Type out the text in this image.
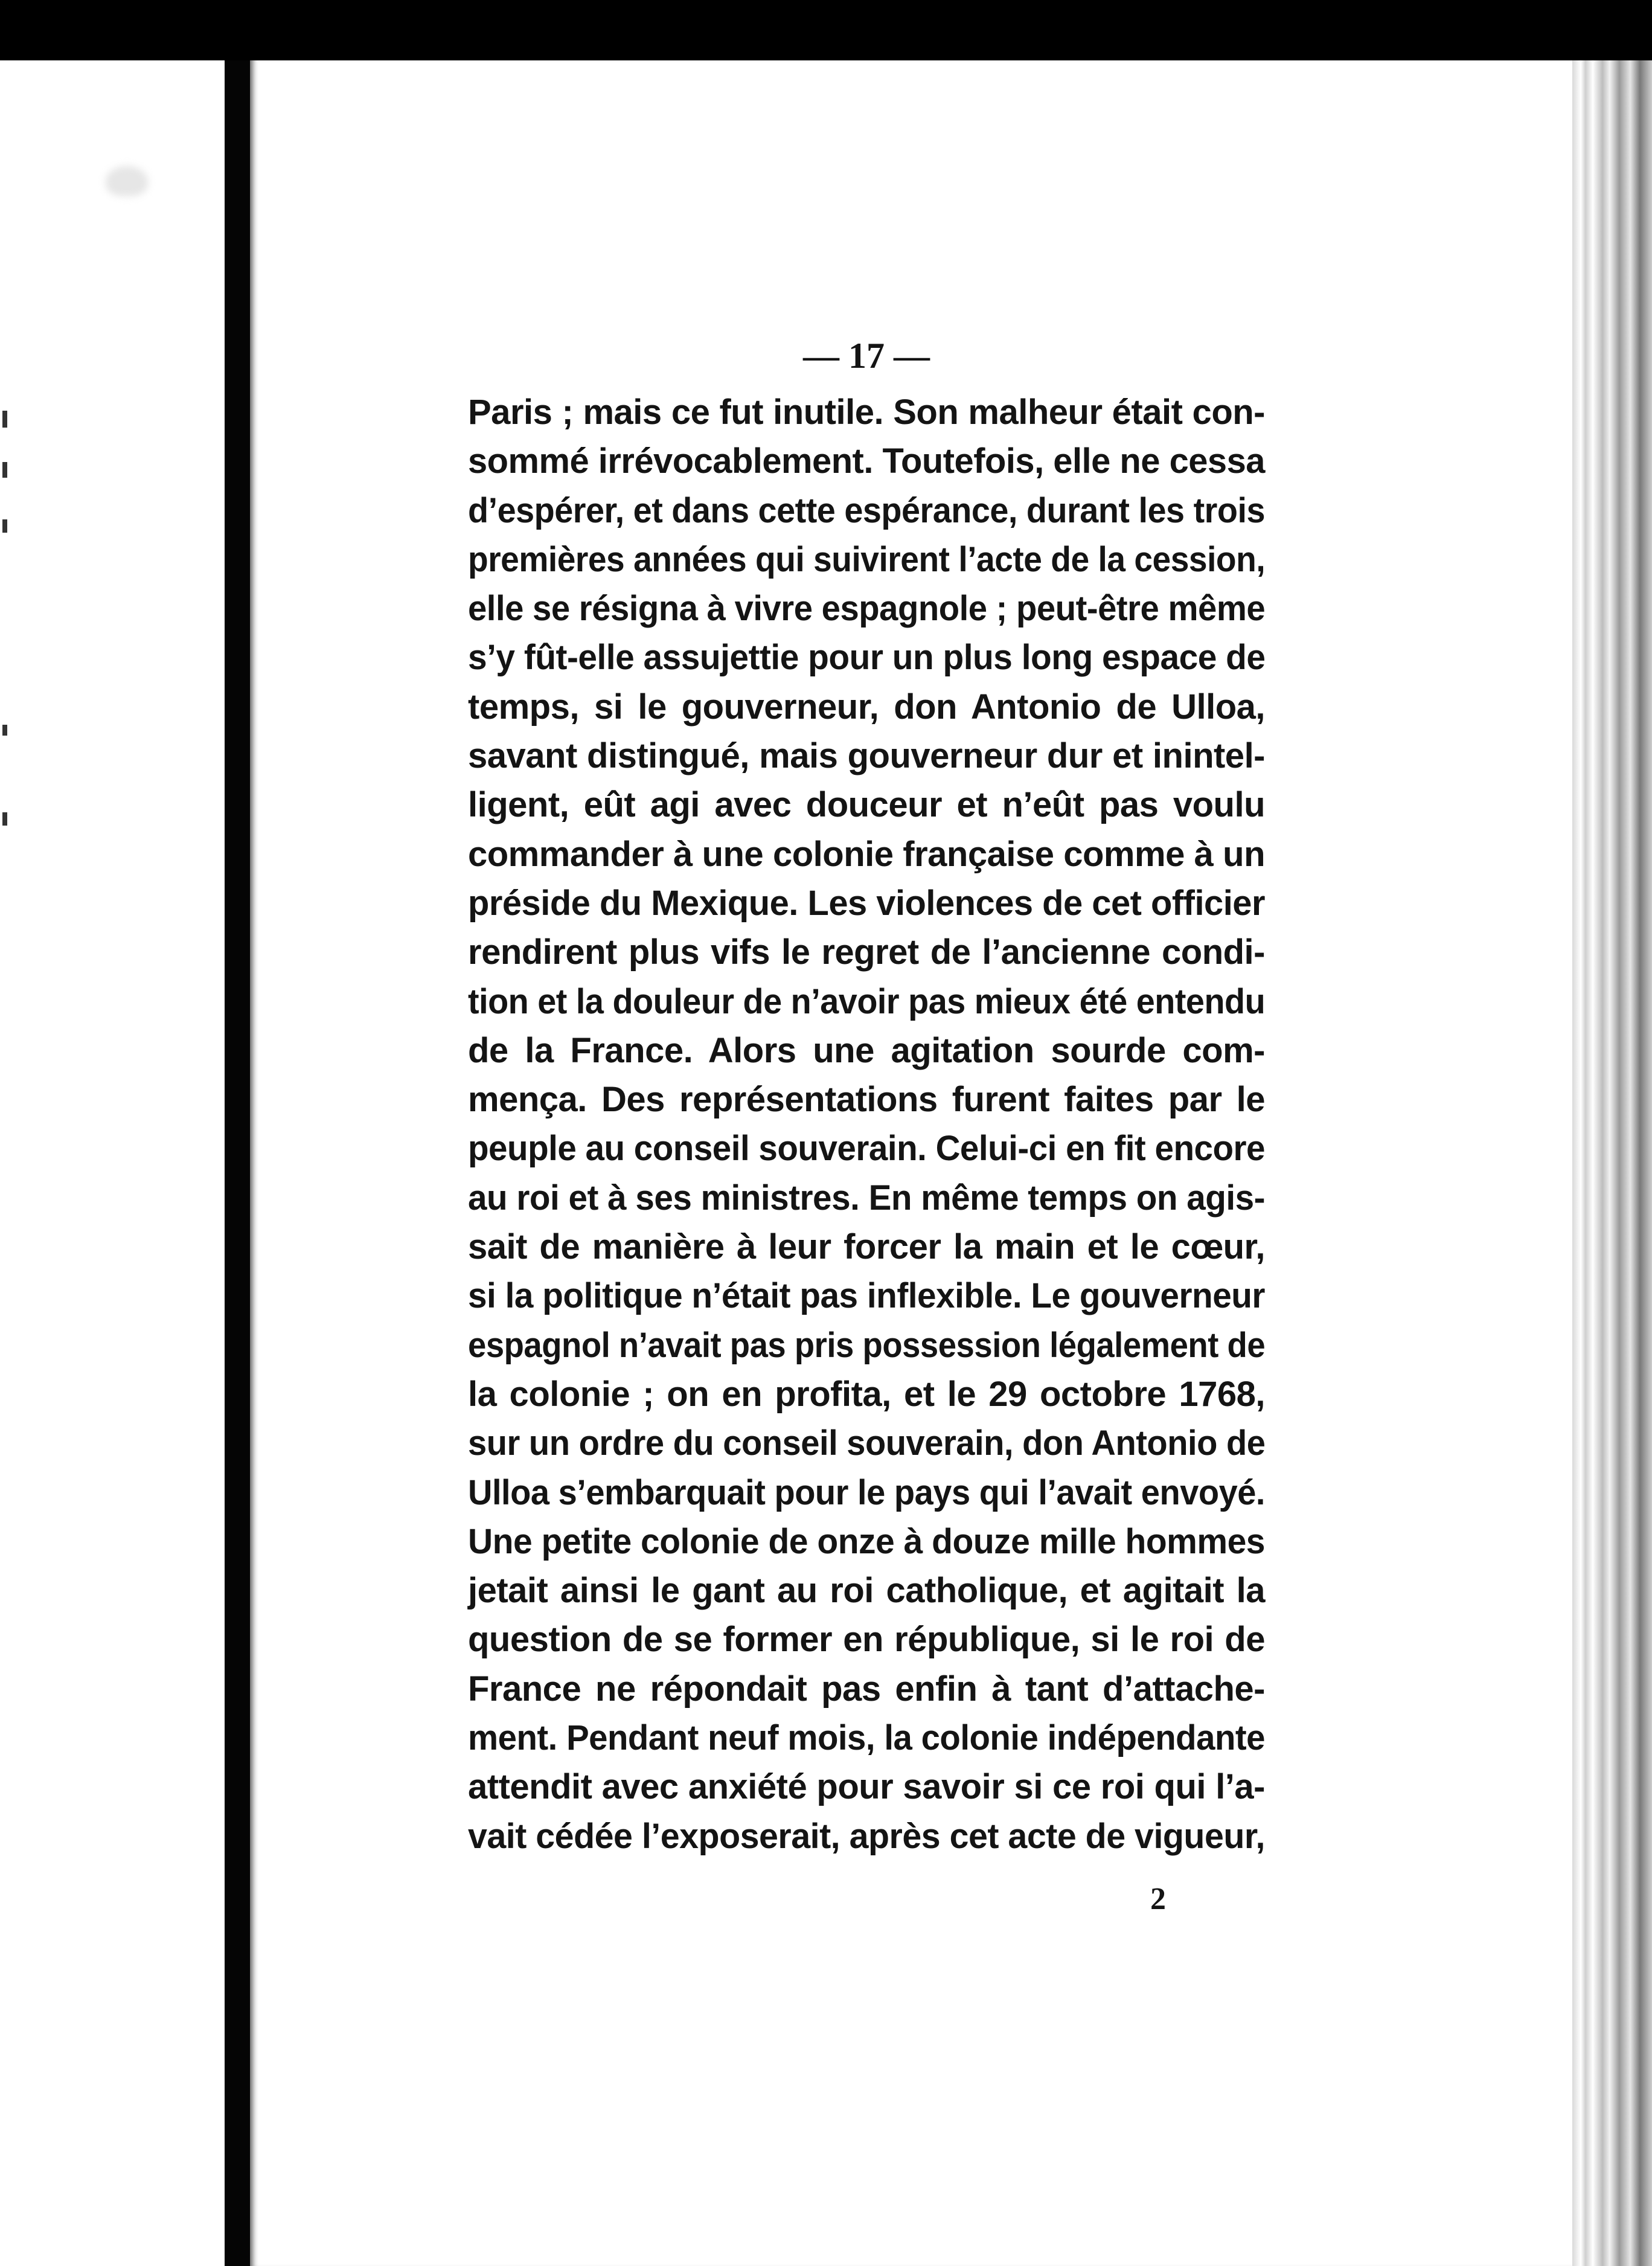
— 17 —
Paris ; mais ce fut inutile. Son malheur était con-
sommé irrévocablement. Toutefois, elle ne cessa
d’espérer, et dans cette espérance, durant les trois
premières années qui suivirent l’acte de la cession,
elle se résigna à vivre espagnole ; peut-être même
s’y fût-elle assujettie pour un plus long espace de
temps, si le gouverneur, don Antonio de Ulloa,
savant distingué, mais gouverneur dur et inintel-
ligent, eût agi avec douceur et n’eût pas voulu
commander à une colonie française comme à un
préside du Mexique. Les violences de cet officier
rendirent plus vifs le regret de l’ancienne condi-
tion et la douleur de n’avoir pas mieux été entendu
de la France. Alors une agitation sourde com-
mença. Des représentations furent faites par le
peuple au conseil souverain. Celui-ci en fit encore
au roi et à ses ministres. En même temps on agis-
sait de manière à leur forcer la main et le cœur,
si la politique n’était pas inflexible. Le gouverneur
espagnol n’avait pas pris possession légalement de
la colonie ; on en profita, et le 29 octobre 1768,
sur un ordre du conseil souverain, don Antonio de
Ulloa s’embarquait pour le pays qui l’avait envoyé.
Une petite colonie de onze à douze mille hommes
jetait ainsi le gant au roi catholique, et agitait la
question de se former en république, si le roi de
France ne répondait pas enfin à tant d’attache-
ment. Pendant neuf mois, la colonie indépendante
attendit avec anxiété pour savoir si ce roi qui l’a-
vait cédée l’exposerait, après cet acte de vigueur,
2
